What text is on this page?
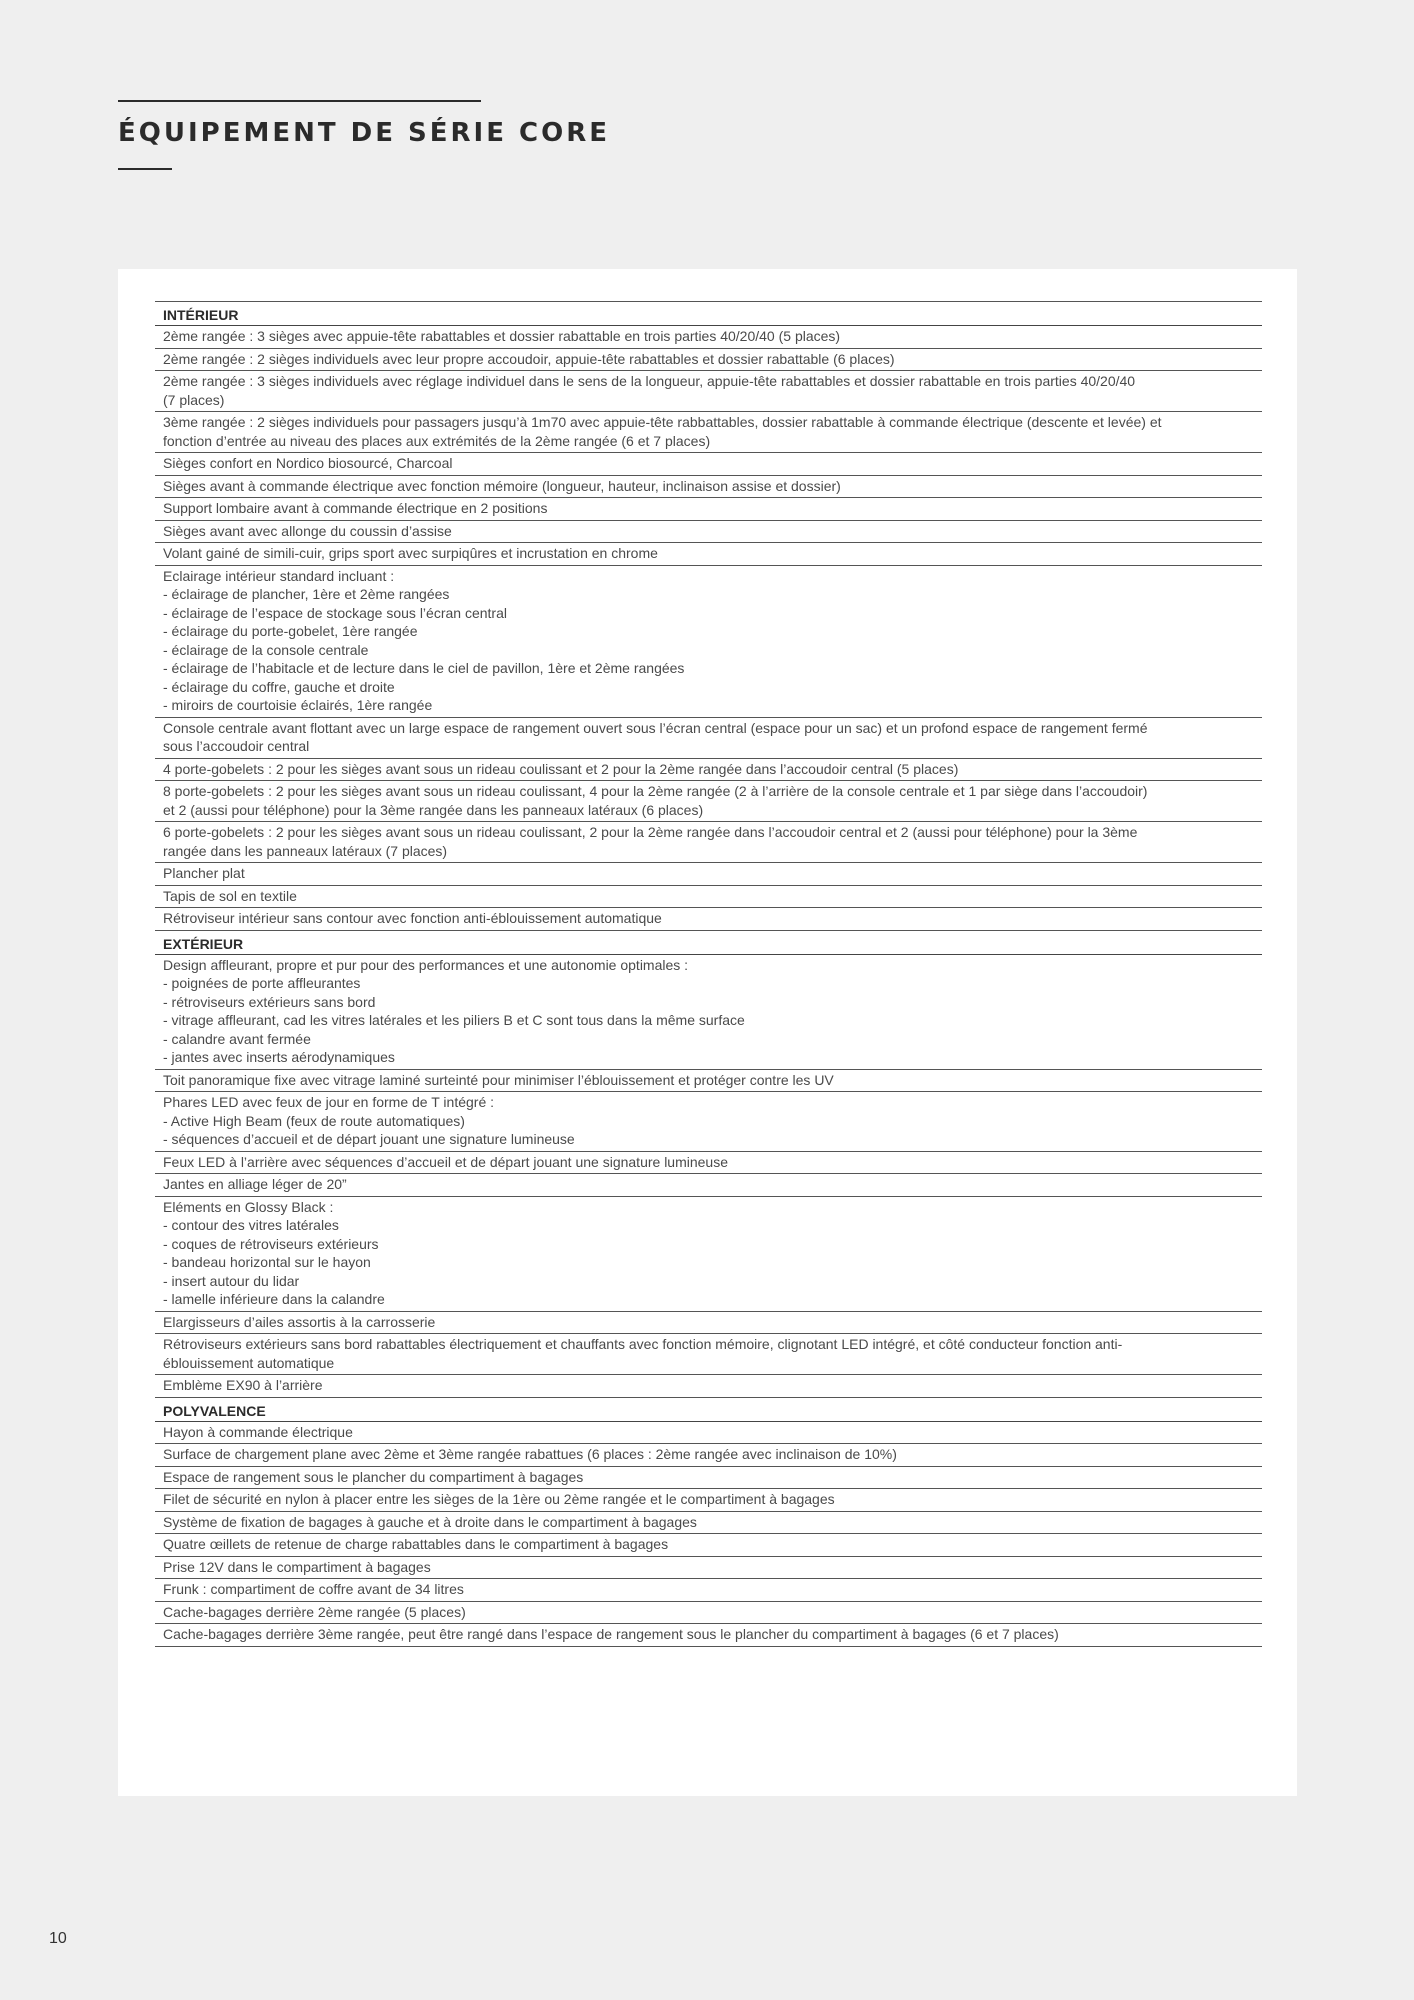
ÉQUIPEMENT DE SÉRIE CORE
INTÉRIEUR
2ème rangée : 3 sièges avec appuie-tête rabattables et dossier rabattable en trois parties 40/20/40 (5 places)
2ème rangée : 2 sièges individuels avec leur propre accoudoir, appuie-tête rabattables et dossier rabattable (6 places)
2ème rangée : 3 sièges individuels avec réglage individuel dans le sens de la longueur, appuie-tête rabattables et dossier rabattable en trois parties 40/20/40
(7 places)
3ème rangée : 2 sièges individuels pour passagers jusqu’à 1m70 avec appuie-tête rabbattables, dossier rabattable à commande électrique (descente et levée) et
fonction d’entrée au niveau des places aux extrémités de la 2ème rangée (6 et 7 places)
Sièges confort en Nordico biosourcé, Charcoal
Sièges avant à commande électrique avec fonction mémoire (longueur, hauteur, inclinaison assise et dossier)
Support lombaire avant à commande électrique en 2 positions
Sièges avant avec allonge du coussin d’assise
Volant gainé de simili-cuir, grips sport avec surpiqûres et incrustation en chrome
Eclairage intérieur standard incluant :
- éclairage de plancher, 1ère et 2ème rangées
- éclairage de l’espace de stockage sous l’écran central
- éclairage du porte-gobelet, 1ère rangée
- éclairage de la console centrale
- éclairage de l’habitacle et de lecture dans le ciel de pavillon, 1ère et 2ème rangées
- éclairage du coffre, gauche et droite
- miroirs de courtoisie éclairés, 1ère rangée
Console centrale avant flottant avec un large espace de rangement ouvert sous l’écran central (espace pour un sac) et un profond espace de rangement fermé
sous l’accoudoir central
4 porte-gobelets : 2 pour les sièges avant sous un rideau coulissant et 2 pour la 2ème rangée dans l’accoudoir central (5 places)
8 porte-gobelets : 2 pour les sièges avant sous un rideau coulissant, 4 pour la 2ème rangée (2 à l’arrière de la console centrale et 1 par siège dans l’accoudoir)
et 2 (aussi pour téléphone) pour la 3ème rangée dans les panneaux latéraux (6 places)
6 porte-gobelets : 2 pour les sièges avant sous un rideau coulissant, 2 pour la 2ème rangée dans l’accoudoir central et 2 (aussi pour téléphone) pour la 3ème
rangée dans les panneaux latéraux (7 places)
Plancher plat
Tapis de sol en textile
Rétroviseur intérieur sans contour avec fonction anti-éblouissement automatique
EXTÉRIEUR
Design affleurant, propre et pur pour des performances et une autonomie optimales :
- poignées de porte affleurantes
- rétroviseurs extérieurs sans bord
- vitrage affleurant, cad les vitres latérales et les piliers B et C sont tous dans la même surface
- calandre avant fermée
- jantes avec inserts aérodynamiques
Toit panoramique fixe avec vitrage laminé surteinté pour minimiser l’éblouissement et protéger contre les UV
Phares LED avec feux de jour en forme de T intégré :
- Active High Beam (feux de route automatiques)
- séquences d’accueil et de départ jouant une signature lumineuse
Feux LED à l’arrière avec séquences d’accueil et de départ jouant une signature lumineuse
Jantes en alliage léger de 20”
Eléments en Glossy Black :
- contour des vitres latérales
- coques de rétroviseurs extérieurs
- bandeau horizontal sur le hayon
- insert autour du lidar
- lamelle inférieure dans la calandre
Elargisseurs d’ailes assortis à la carrosserie
Rétroviseurs extérieurs sans bord rabattables électriquement et chauffants avec fonction mémoire, clignotant LED intégré, et côté conducteur fonction anti-
éblouissement automatique
Emblème EX90 à l’arrière
POLYVALENCE
Hayon à commande électrique
Surface de chargement plane avec 2ème et 3ème rangée rabattues (6 places : 2ème rangée avec inclinaison de 10%)
Espace de rangement sous le plancher du compartiment à bagages
Filet de sécurité en nylon à placer entre les sièges de la 1ère ou 2ème rangée et le compartiment à bagages
Système de fixation de bagages à gauche et à droite dans le compartiment à bagages
Quatre œillets de retenue de charge rabattables dans le compartiment à bagages
Prise 12V dans le compartiment à bagages
Frunk : compartiment de coffre avant de 34 litres
Cache-bagages derrière 2ème rangée (5 places)
Cache-bagages derrière 3ème rangée, peut être rangé dans l’espace de rangement sous le plancher du compartiment à bagages (6 et 7 places)
10
